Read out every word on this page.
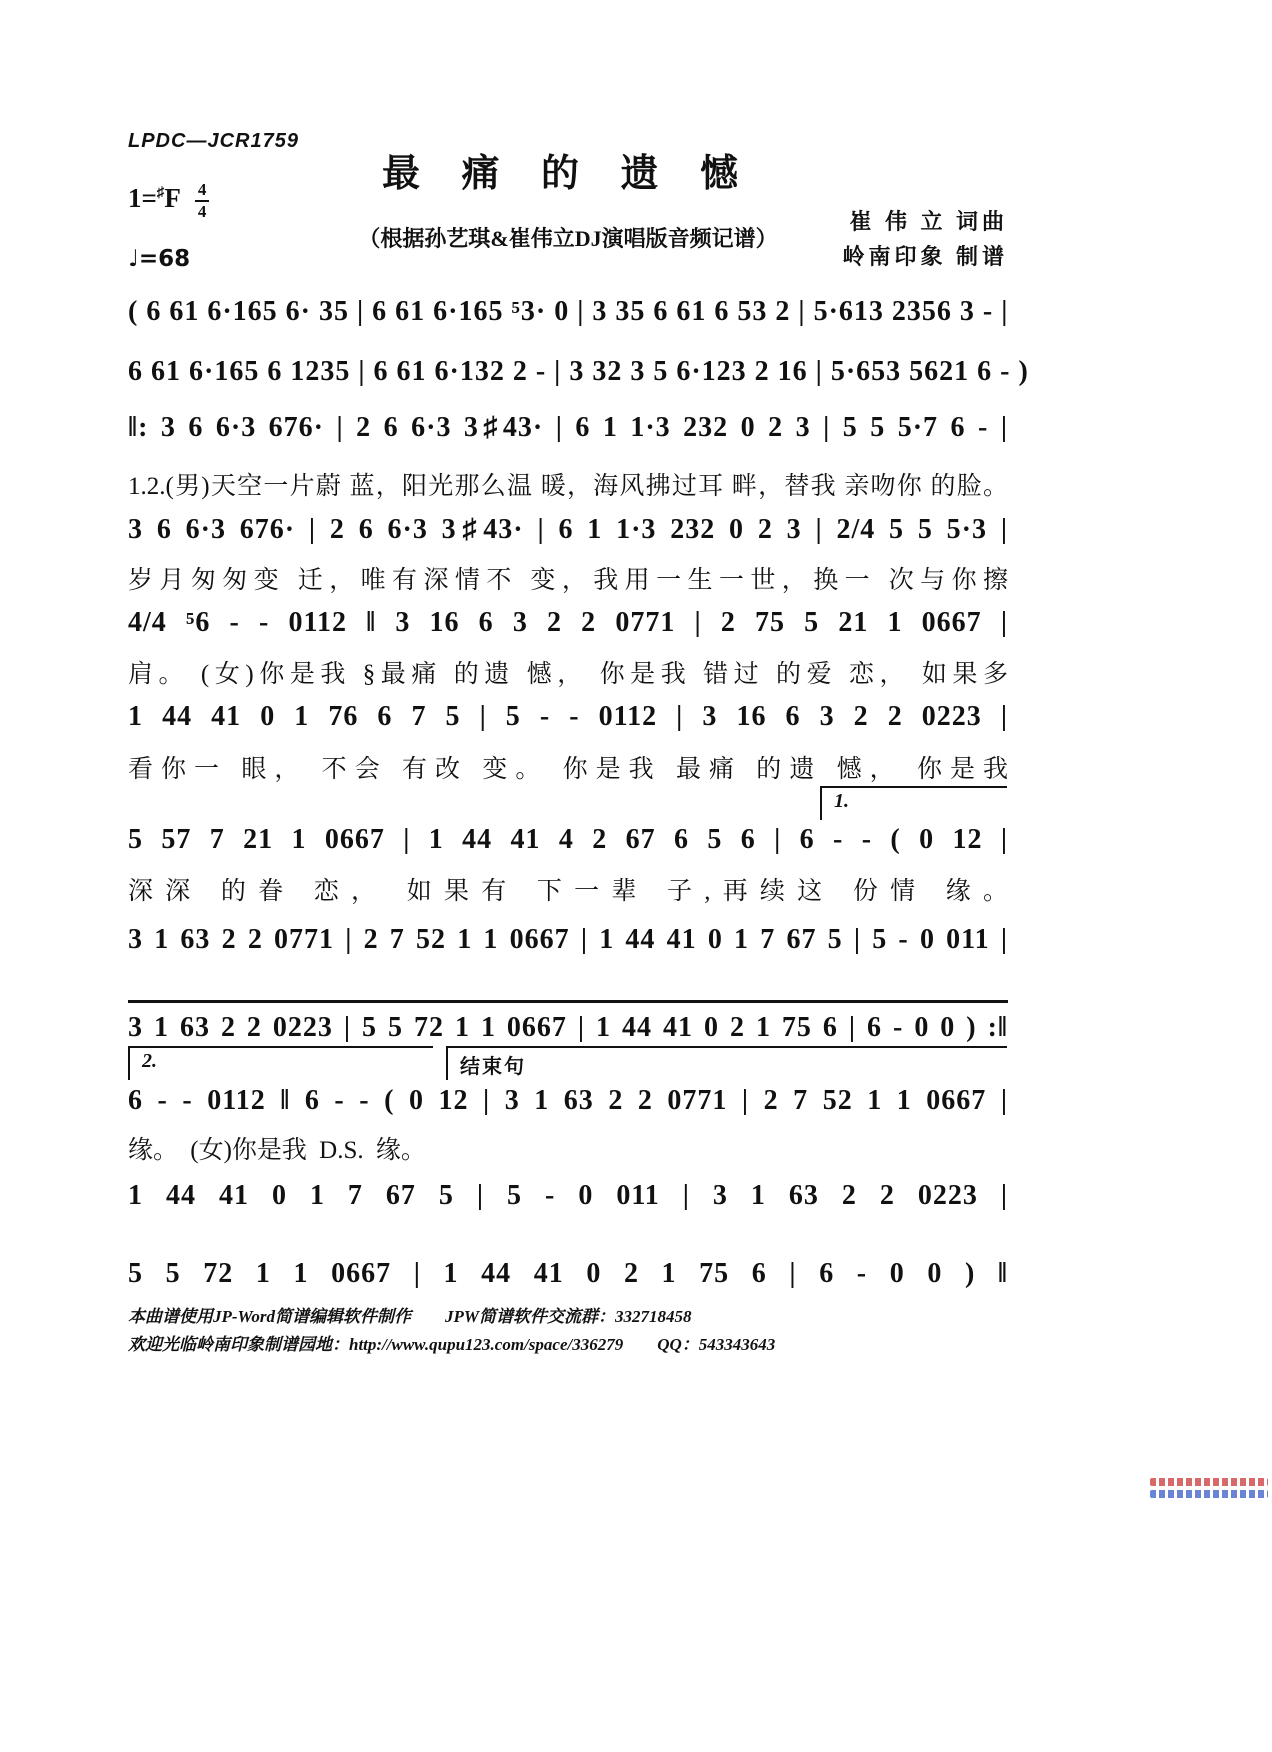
LPDC—JCR1759
最 痛 的 遗 憾
$1=^♯F \frac{4}{4}$
（根据孙艺琪&崔伟立DJ演唱版音频记谱）
崔 伟 立 词曲
岭南印象 制谱
♩=68
( 6 61 6·165 6· 35 | 6 61 6·165 ⁵3· 0 | 3 35 6 61 6 53 2 | 5·613 2356 3 - |
6 61 6·165 6 1235 | 6 61 6·132 2 - | 3 32 3 5 6·123 2 16 | 5·653 5621 6 - )
‖: 3 6 6·3 676· | 2 6 6·3 3♯43· | 6 1 1·3 232 0 2 3 | 5 5 5·7 6 - |
1.2.(男)天空一片蔚 蓝，阳光那么温 暖，海风拂过耳 畔，替我 亲吻你 的脸。
3 6 6·3 676· | 2 6 6·3 3♯43· | 6 1 1·3 232 0 2 3 | 2/4 5 5 5·3 |
岁月匆匆变 迁，唯有深情不 变，我用一生一世，换一 次与你擦
4/4 ⁵6 - - 0112 ‖ 3 16 6 3 2 2 0771 | 2 75 5 21 1 0667 |
肩。 (女)你是我 §最痛 的遗 憾， 你是我 错过 的爱 恋， 如果多
1 44 41 0 1 76 6 7 5 | 5 - - 0112 | 3 16 6 3 2 2 0223 |
看你一 眼， 不会 有改 变。 你是我 最痛 的遗 憾， 你是我
1.
5 57 7 21 1 0667 | 1 44 41 4 2 67 6 5 6 | 6 - - ( 0 12 |
深深 的眷 恋， 如果有 下一辈 子,再续这 份情 缘。
3 1 63 2 2 0771 | 2 7 52 1 1 0667 | 1 44 41 0 1 7 67 5 | 5 - 0 011 |
3 1 63 2 2 0223 | 5 5 72 1 1 0667 | 1 44 41 0 2 1 75 6 | 6 - 0 0 ) :‖
2.	结束句
6 - - 0112 ‖ 6 - - ( 0 12 | 3 1 63 2 2 0771 | 2 7 52 1 1 0667 |
缘。 (女)你是我 D.S. 缘。
1 44 41 0 1 7 67 5 | 5 - 0 011 | 3 1 63 2 2 0223 |
5 5 72 1 1 0667 | 1 44 41 0 2 1 75 6 | 6 - 0 0 ) ‖
本曲谱使用JP-Word简谱编辑软件制作　　JPW简谱软件交流群：332718458
欢迎光临岭南印象制谱园地：http://www.qupu123.com/space/336279　　QQ：543343643
